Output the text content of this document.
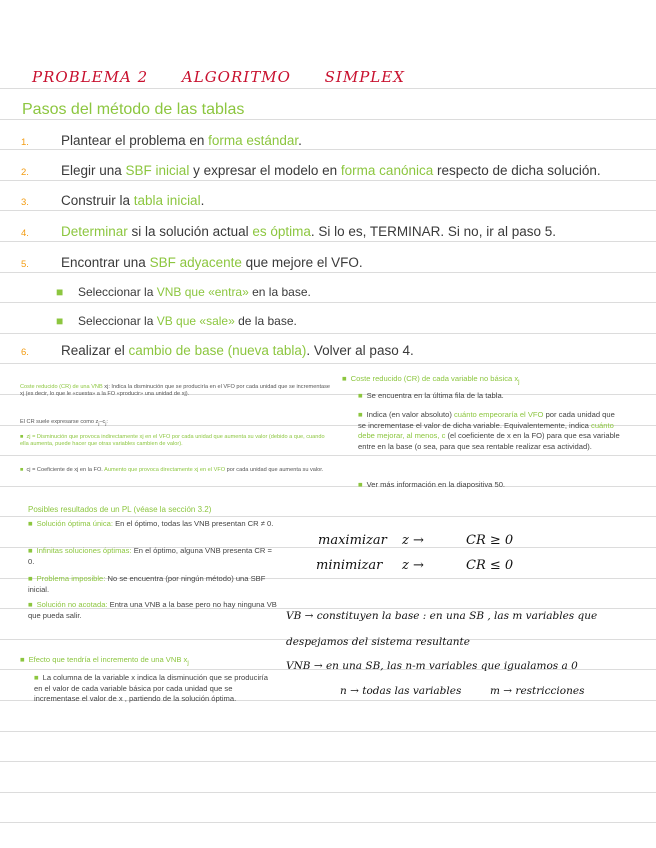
PROBLEMA 2 ALGORITMO SIMPLEX
Pasos del método de las tablas
1. Plantear el problema en forma estándar.
2. Elegir una SBF inicial y expresar el modelo en forma canónica respecto de dicha solución.
3. Construir la tabla inicial.
4. Determinar si la solución actual es óptima. Si lo es, TERMINAR. Si no, ir al paso 5.
5. Encontrar una SBF adyacente que mejore el VFO.
■ Seleccionar la VNB que «entra» en la base.
■ Seleccionar la VB que «sale» de la base.
6. Realizar el cambio de base (nueva tabla). Volver al paso 4.
Coste reducido (CR) de una VNB xj: Indica la disminución que se produciría en el VFO por cada unidad que se incrementase xj (es decir, lo que le «cuesta» a la FO «producir» una unidad de xj).
El CR suele expresarse como $z_j-c_j$:
■ zj = Disminución que provoca indirectamente xj en el VFO por cada unidad que aumenta su valor (debido a que, cuando ella aumenta, puede hacer que otras variables cambien de valor).
■ cj = Coeficiente de xj en la FO. Aumento que provoca directamente xj en el VFO por cada unidad que aumenta su valor.
■ Coste reducido (CR) de cada variable no básica $x_j$
■ Se encuentra en la última fila de la tabla.
■ Indica (en valor absoluto) cuánto empeoraría el VFO por cada unidad que se incrementase el valor de dicha variable. Equivalentemente, indica cuánto debe mejorar, al menos, c (el coeficiente de x en la FO) para que esa variable entre en la base (o sea, para que sea rentable realizar esa actividad).
■ Ver más información en la diapositiva 50.
Posibles resultados de un PL (véase la sección 3.2)
■ Solución óptima única: En el óptimo, todas las VNB presentan CR ≠ 0.
■ Infinitas soluciones óptimas: En el óptimo, alguna VNB presenta CR = 0.
■ Problema imposible: No se encuentra (por ningún método) una SBF inicial.
■ Solución no acotada: Entra una VNB a la base pero no hay ninguna VB que pueda salir.
■ Efecto que tendría el incremento de una VNB $x_j$
■ La columna de la variable x indica la disminución que se produciría en el valor de cada variable básica por cada unidad que se incrementase el valor de x , partiendo de la solución óptima.
maximizar z →	CR ≥ 0
minimizar z →	CR ≤ 0
VB → constituyen la base : en una SB , las m variables que
despejamos del sistema resultante
VNB → en una SB, las n-m variables que igualamos a 0
n → todas las variables	m → restricciones
